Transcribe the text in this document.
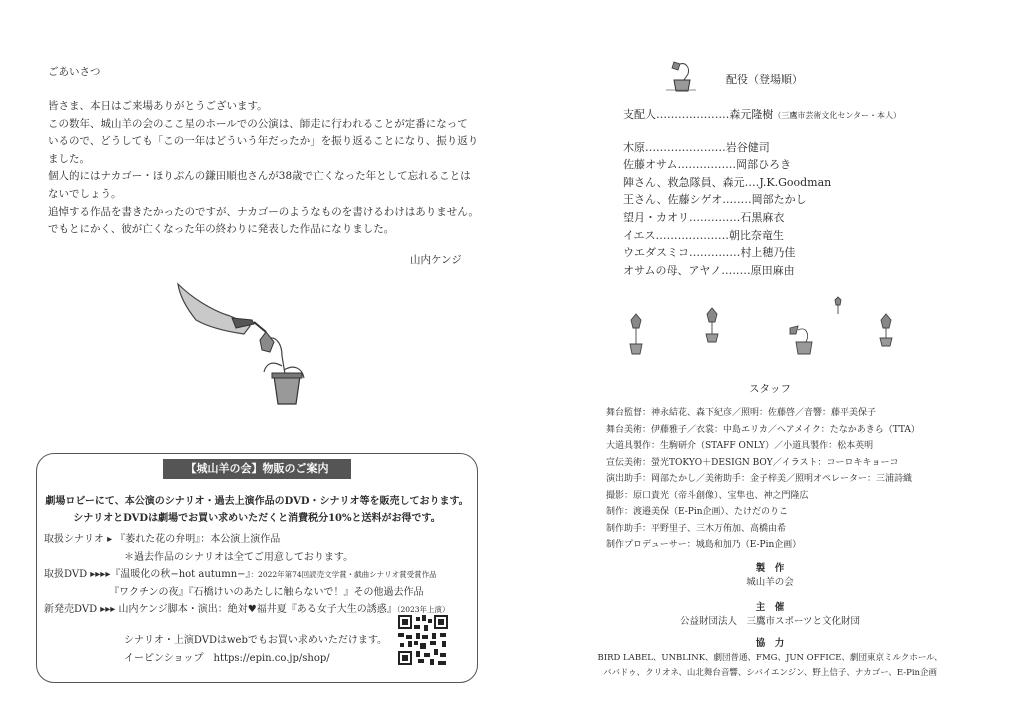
ごあいさつ

皆さま、本日はご来場ありがとうございます。

この数年、城山羊の会のここ星のホールでの公演は、師走に行われることが定番になって

いるので、どうしても「この一年はどういう年だったか」を振り返ることになり、振り返り

ました。

個人的にはナカゴー・ほりぶんの鎌田順也さんが38歳で亡くなった年として忘れることは

ないでしょう。

追悼する作品を書きたかったのですが、ナカゴーのようなものを書けるわけはありません。

でもとにかく、彼が亡くなった年の終わりに発表した作品になりました。

山内ケンジ
【城山羊の会】物販のご案内

劇場ロビーにて、本公演のシナリオ・過去上演作品のDVD・シナリオ等を販売しております。

シナリオとDVDは劇場でお買い求めいただくと消費税分10%と送料がお得です。

取扱シナリオ ▸ 『萎れた花の弁明』：本公演上演作品

　　　　　　　　＊過去作品のシナリオは全てご用意しております。

取扱DVD ▸▸▸▸『温暖化の秋−hot autumn−』：2022年第74回読売文学賞・戯曲シナリオ賞受賞作品

　　　　　　　『ワクチンの夜』『石橋けいのあたしに触らないで！』その他過去作品

新発売DVD ▸▸▸ 山内ケンジ脚本・演出：絶対♥福井夏『ある女子大生の誘惑』（2023年上演）

シナリオ・上演DVDはwebでもお買い求めいただけます。

イーピンショップ　https://epin.co.jp/shop/

配役（登場順）
支配人‥‥‥‥‥‥‥‥‥‥森元隆樹（三鷹市芸術文化センター・本人）
木原‥‥‥‥‥‥‥‥‥‥‥岩谷健司
佐藤オサム‥‥‥‥‥‥‥‥岡部ひろき
陣さん、救急隊員、森元‥‥J.K.Goodman
王さん、佐藤シゲオ‥‥‥‥岡部たかし
望月・カオリ‥‥‥‥‥‥‥石黒麻衣
イエス‥‥‥‥‥‥‥‥‥‥朝比奈竜生
ウエダスミコ‥‥‥‥‥‥‥村上穂乃佳
オサムの母、アヤノ‥‥‥‥原田麻由
スタッフ

舞台監督：神永結花、森下紀彦／照明：佐藤啓／音響：藤平美保子

舞台美術：伊藤雅子／衣裳：中島エリカ／ヘアメイク：たなかあきら（TTA）

大道具製作：生駒研介（STAFF ONLY）／小道具製作：松本英明

宣伝美術：螢光TOKYO＋DESIGN BOY／イラスト：コーロキキョーコ

演出助手：岡部たかし／美術助手：金子梓美／照明オペレーター：三浦詩織

撮影：原口貴光（帝斗創像）、宝隼也、神之門隆広

制作：渡邉美保（E-Pin企画）、たけだのりこ

制作助手：平野里子、三木万侑加、高橋由希

制作プロデューサー：城島和加乃（E-Pin企画）

製　作

城山羊の会

主　催

公益財団法人　三鷹市スポーツと文化財団

協　力

BIRD LABEL、UNBLINK、劇団普通、FMG、JUN OFFICE、劇団東京ミルクホール、

ババドゥ、クリオネ、山北舞台音響、シバイエンジン、野上信子、ナカゴー、E-Pin企画
